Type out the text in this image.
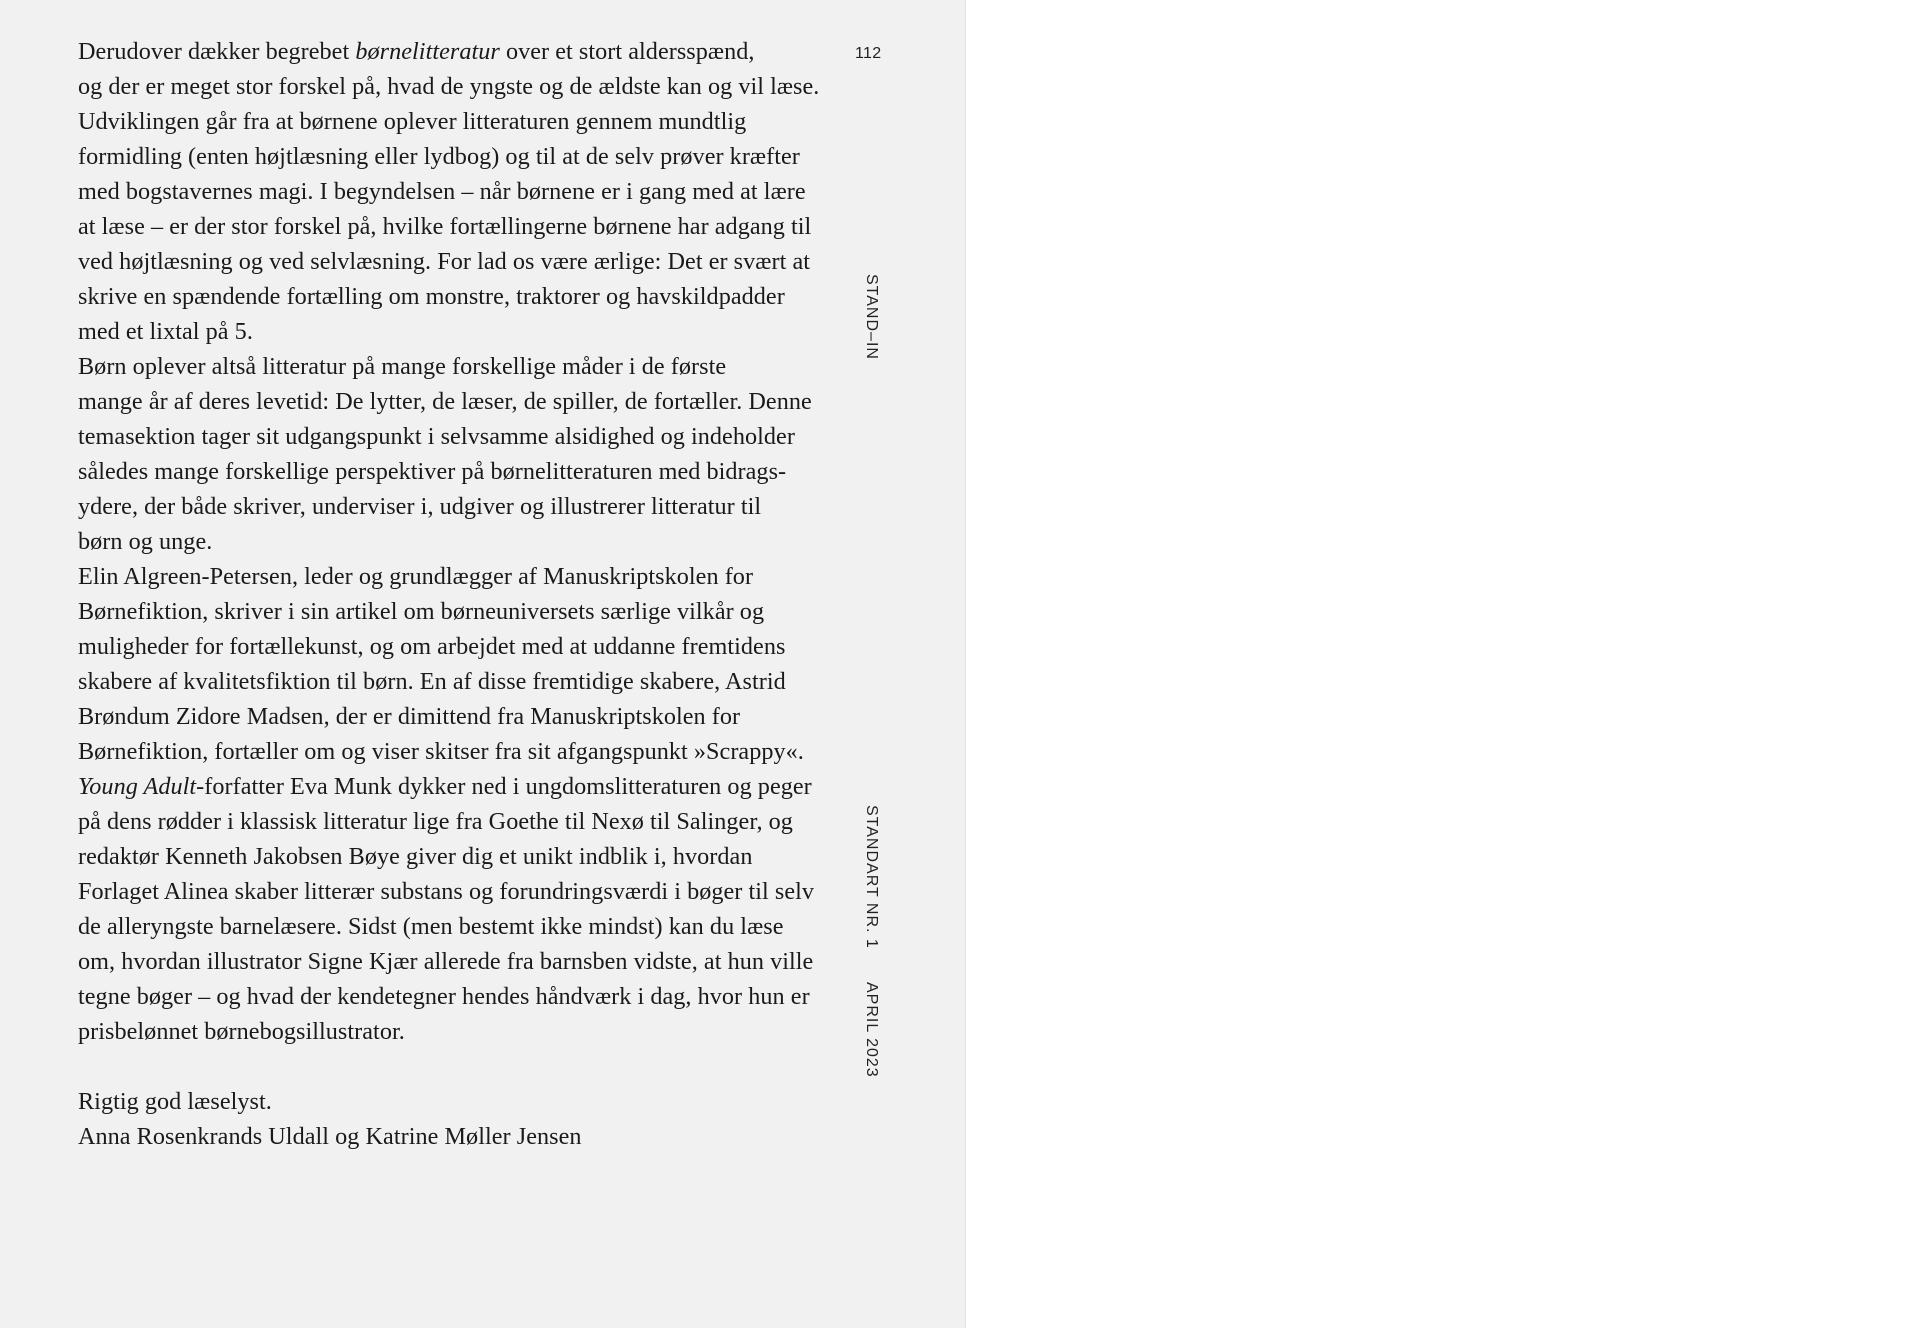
Derudover dækker begrebet børnelitteratur over et stort aldersspænd,
og der er meget stor forskel på, hvad de yngste og de ældste kan og vil læse.
Udviklingen går fra at børnene oplever litteraturen gennem mundtlig
formidling (enten højtlæsning eller lydbog) og til at de selv prøver kræfter
med bogstavernes magi. I begyndelsen – når børnene er i gang med at lære
at læse – er der stor forskel på, hvilke fortællingerne børnene har adgang til
ved højtlæsning og ved selvlæsning. For lad os være ærlige: Det er svært at
skrive en spændende fortælling om monstre, traktorer og havskildpadder
med et lixtal på 5.

Børn oplever altså litteratur på mange forskellige måder i de første
mange år af deres levetid: De lytter, de læser, de spiller, de fortæller. Denne
temasektion tager sit udgangspunkt i selvsamme alsidighed og indeholder
således mange forskellige perspektiver på børnelitteraturen med bidrags-
ydere, der både skriver, underviser i, udgiver og illustrerer litteratur til
børn og unge.

Elin Algreen-Petersen, leder og grundlægger af Manuskriptskolen for
Børnefiktion, skriver i sin artikel om børneuniversets særlige vilkår og
muligheder for fortællekunst, og om arbejdet med at uddanne fremtidens
skabere af kvalitetsfiktion til børn. En af disse fremtidige skabere, Astrid
Brøndum Zidore Madsen, der er dimittend fra Manuskriptskolen for
Børnefiktion, fortæller om og viser skitser fra sit afgangspunkt »Scrappy«.
Young Adult-forfatter Eva Munk dykker ned i ungdomslitteraturen og peger
på dens rødder i klassisk litteratur lige fra Goethe til Nexø til Salinger, og
redaktør Kenneth Jakobsen Bøye giver dig et unikt indblik i, hvordan
Forlaget Alinea skaber litterær substans og forundringsværdi i bøger til selv
de alleryngste barnelæsere. Sidst (men bestemt ikke mindst) kan du læse
om, hvordan illustrator Signe Kjær allerede fra barnsben vidste, at hun ville
tegne bøger – og hvad der kendetegner hendes håndværk i dag, hvor hun er
prisbelønnet børnebogsillustrator.

Rigtig god læselyst.
Anna Rosenkrands Uldall og Katrine Møller Jensen
112
STAND–IN
STANDART NR. 1
APRIL 2023
